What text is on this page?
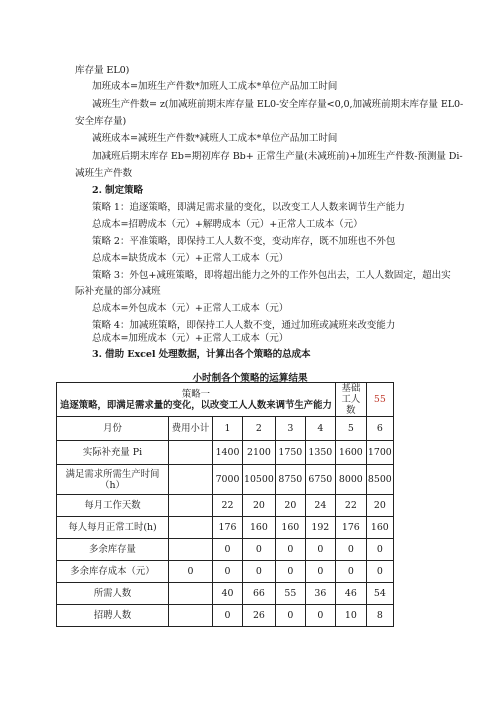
库存量 EL0)
加班成本=加班生产件数*加班人工成本*单位产品加工时间
减班生产件数= z(加减班前期末库存量 EL0-安全库存量<0,0,加减班前期末库存量 EL0-
安全库存量)
减班成本=减班生产件数*减班人工成本*单位产品加工时间
加减班后期末库存 Eb=期初库存 Bb+ 正常生产量(未减班前)+加班生产件数-预测量 Di-
减班生产件数
2. 制定策略
策略 1：追逐策略，即满足需求量的变化，以改变工人人数来调节生产能力
总成本=招聘成本（元）+解聘成本（元）+正常人工成本（元）
策略 2：平准策略，即保持工人人数不变，变动库存，既不加班也不外包
总成本=缺货成本（元）+正常人工成本（元）
策略 3：外包+减班策略，即将超出能力之外的工作外包出去，工人人数固定，超出实
际补充量的部分减班
总成本=外包成本（元）+正常人工成本（元）
策略 4：加减班策略，即保持工人人数不变，通过加班或减班来改变能力
总成本=加班成本（元）+正常人工成本（元）
3. 借助 Excel 处理数据，计算出各个策略的总成本
小时制各个策略的运算结果
策略一
追逐策略，即满足需求量的变化，以改变工人人数来调节生产能力						基础工人数	55
月份	费用小计	1	2	3	4	5	6
实际补充量 Pi		1400	2100	1750	1350	1600	1700
满足需求所需生产时间（h）		7000	10500	8750	6750	8000	8500
每月工作天数		22	20	20	24	22	20
每人每月正常工时(h)		176	160	160	192	176	160
多余库存量		0	0	0	0	0	0
多余库存成本（元）	0	0	0	0	0	0	0
所需人数		40	66	55	36	46	54
招聘人数		0	26	0	0	10	8
